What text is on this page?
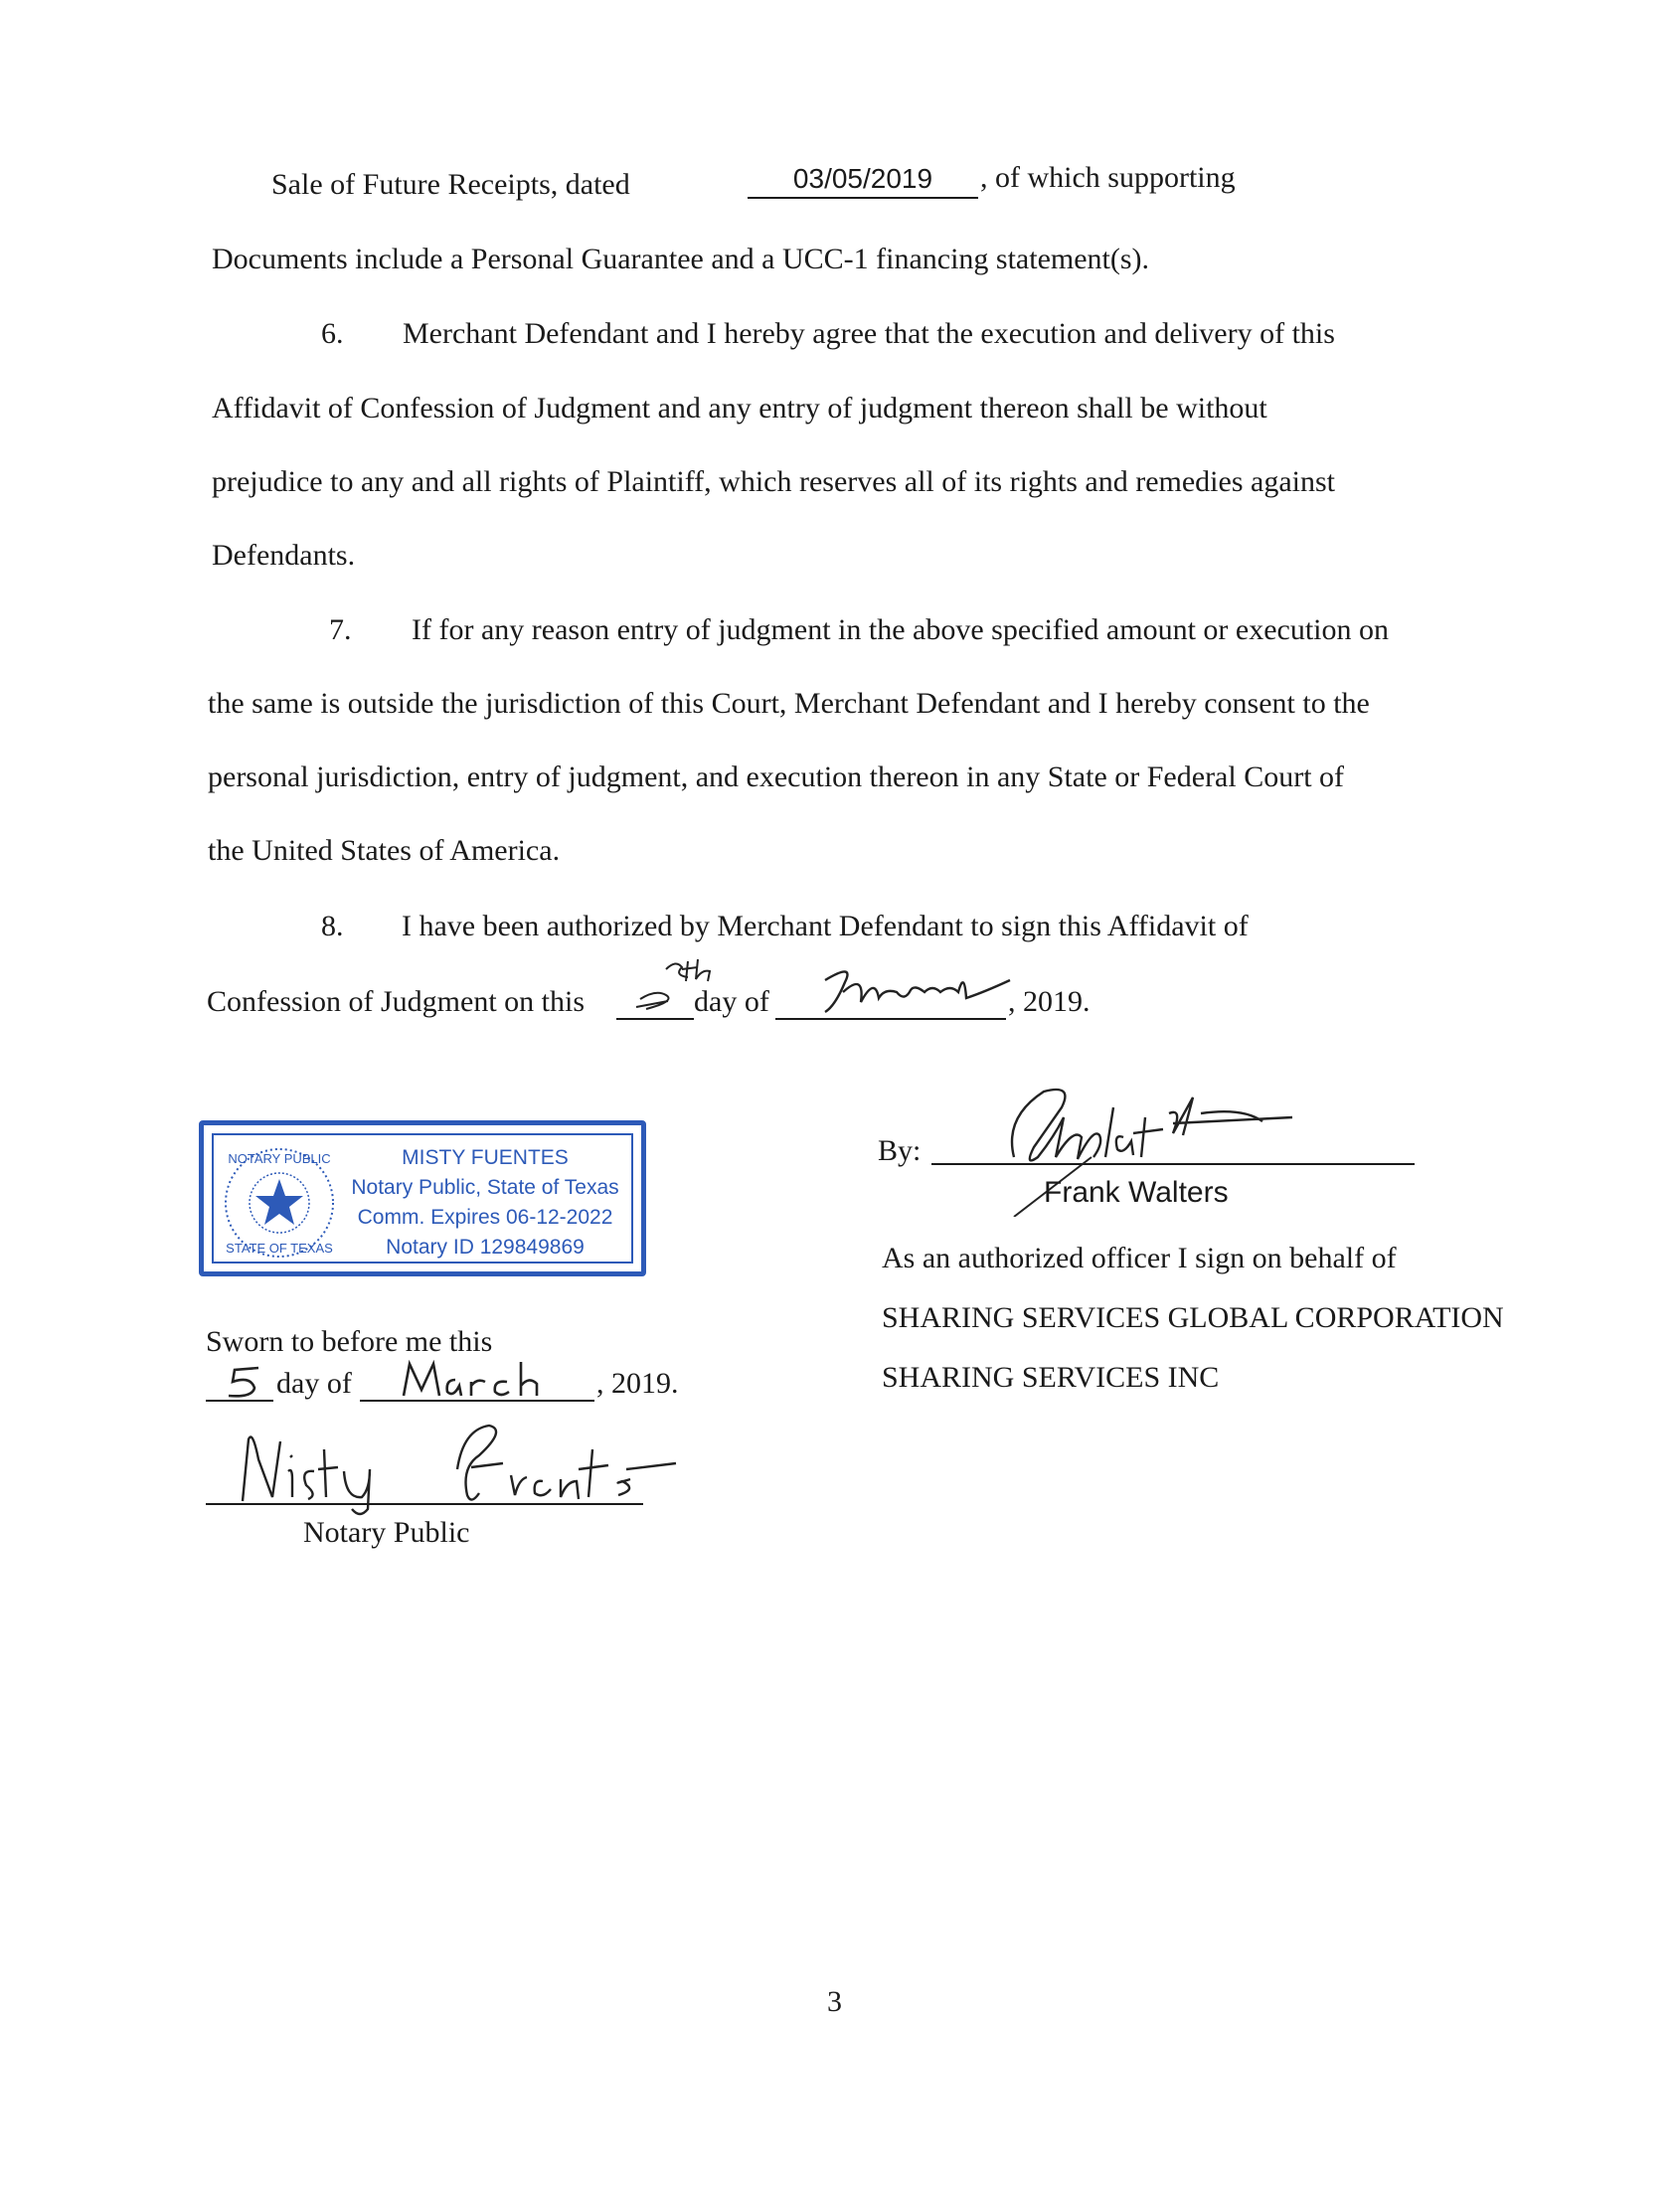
Sale of Future Receipts, dated	03/05/2019	, of which supporting
Documents include a Personal Guarantee and a UCC-1 financing statement(s).
6. Merchant Defendant and I hereby agree that the execution and delivery of this
Affidavit of Confession of Judgment and any entry of judgment thereon shall be without
prejudice to any and all rights of Plaintiff, which reserves all of its rights and remedies against
Defendants.
7. If for any reason entry of judgment in the above specified amount or execution on
the same is outside the jurisdiction of this Court, Merchant Defendant and I hereby consent to the
personal jurisdiction, entry of judgment, and execution thereon in any State or Federal Court of
the United States of America.
8. I have been authorized by Merchant Defendant to sign this Affidavit of
Confession of Judgment on this	day of	, 2019.
NOTARY PUBLIC
STATE OF TEXAS
MISTY FUENTES
Notary Public, State of Texas
Comm. Expires 06-12-2022
Notary ID 129849869
Sworn to before me this
day of	, 2019.
Notary Public
By:
Frank Walters
As an authorized officer I sign on behalf of
SHARING SERVICES GLOBAL CORPORATION
SHARING SERVICES INC
3
